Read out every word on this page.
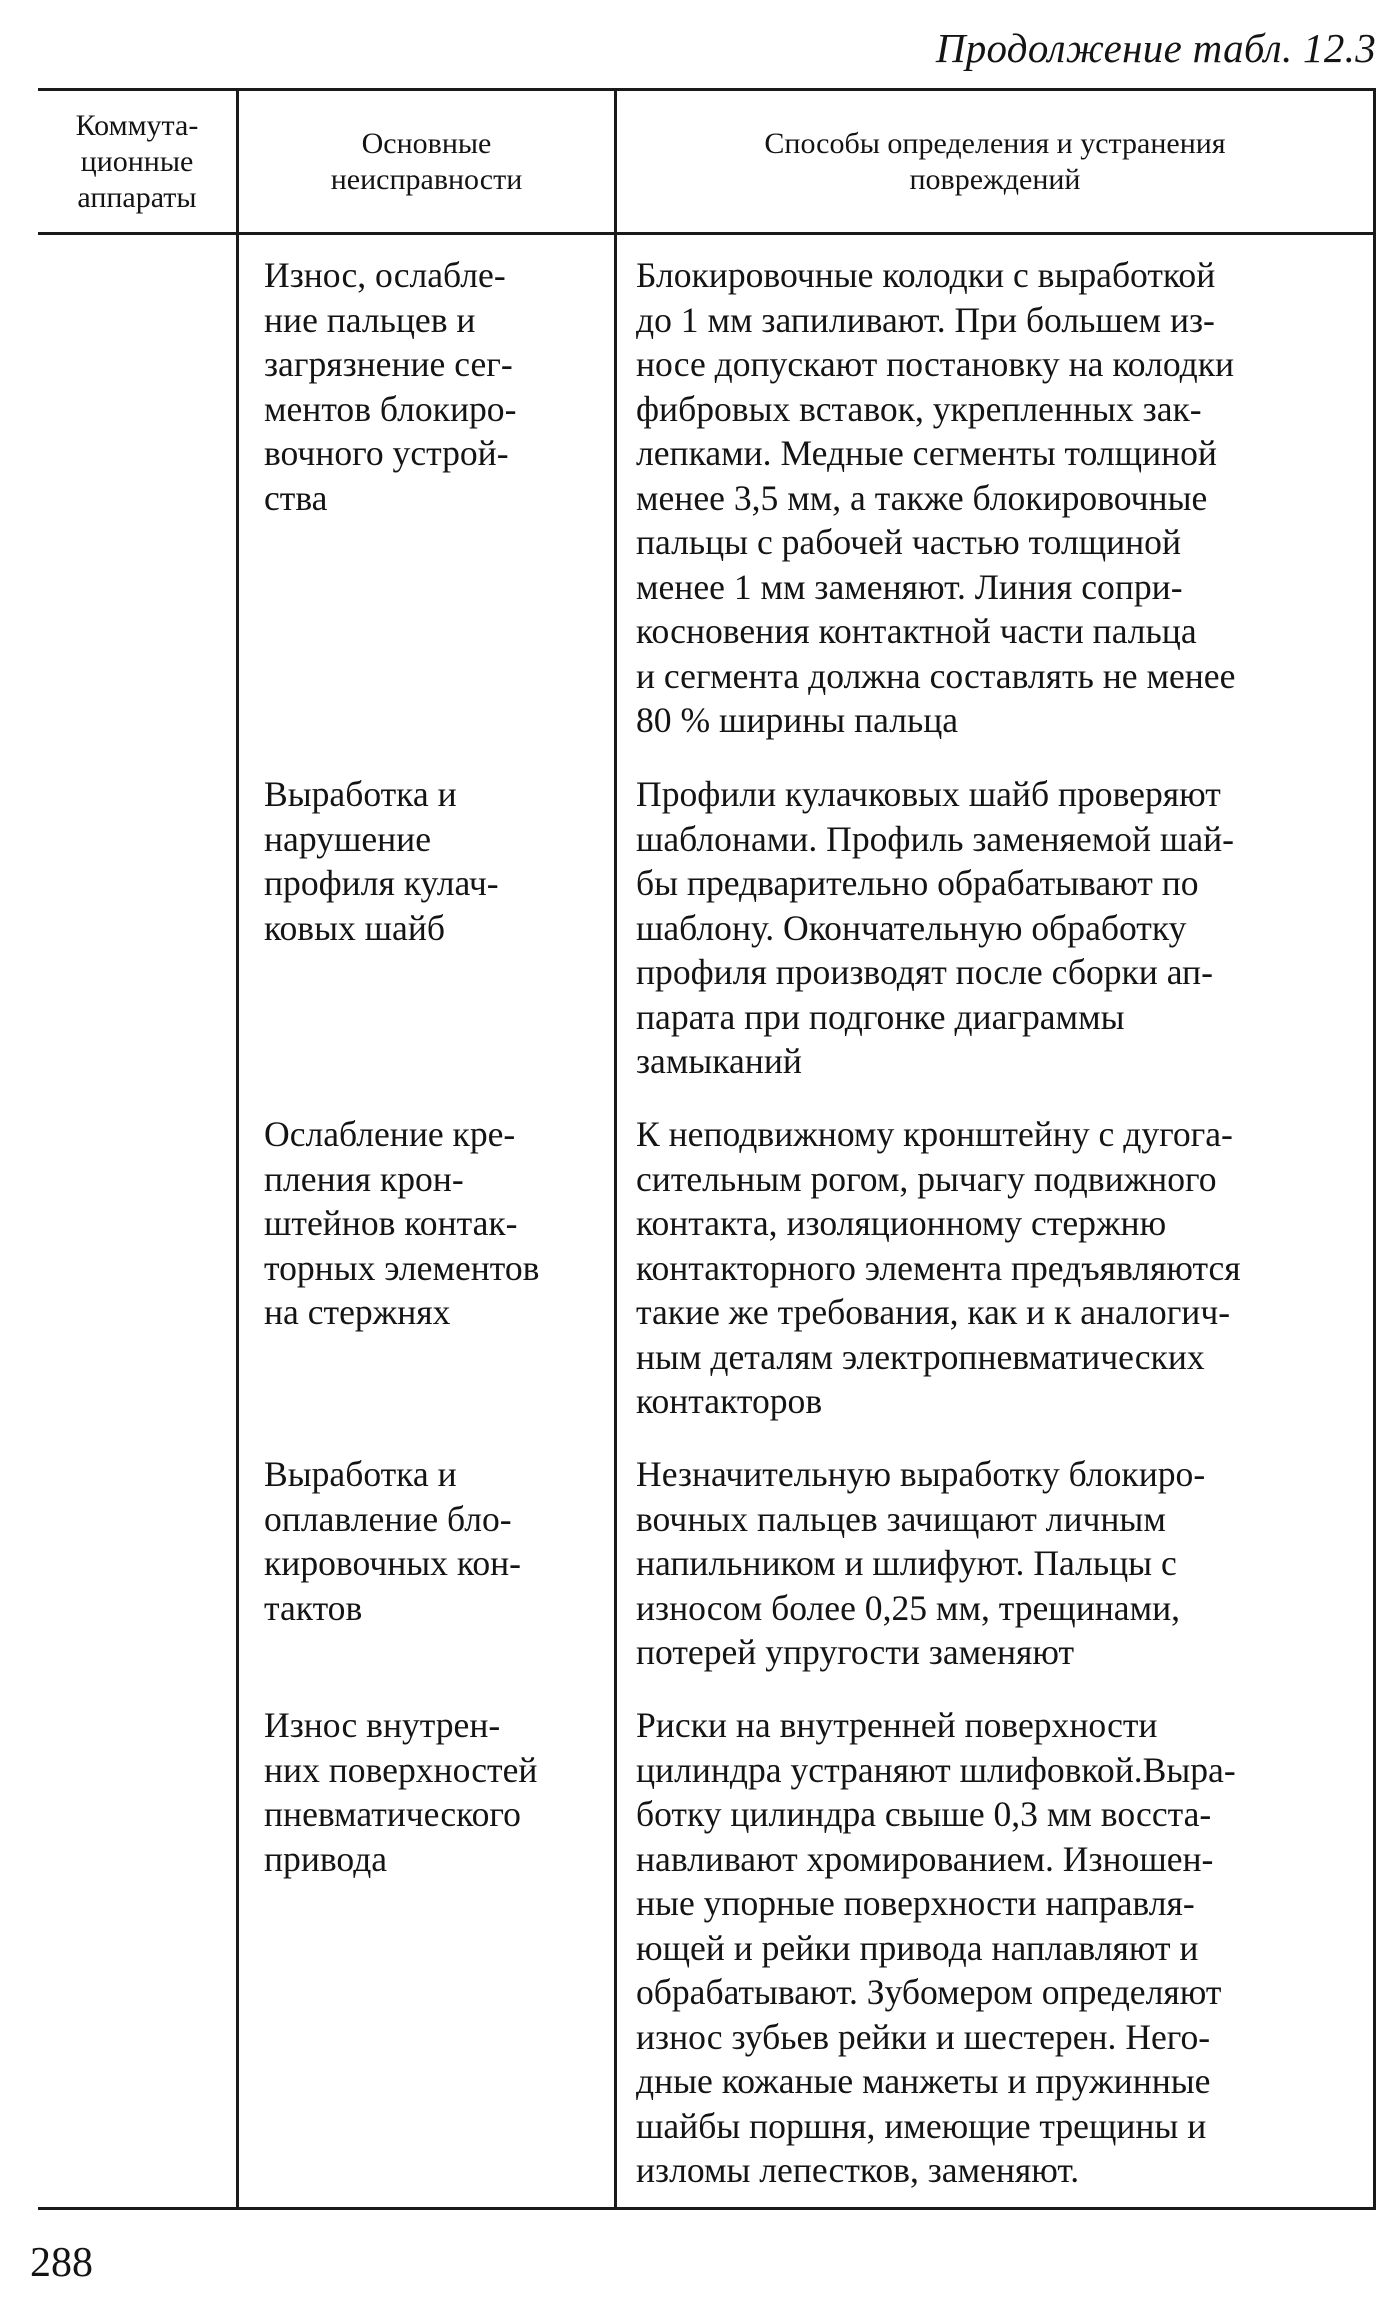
Продолжение табл. 12.3
Коммута-
ционные
аппараты
Основные
неисправности
Способы определения и устранения
повреждений
Износ, ослабле-
ние пальцев и
загрязнение сег-
ментов блокиро-
вочного устрой-
ства
Блокировочные колодки с выработкой
до 1 мм запиливают. При большем из-
носе допускают постановку на колодки
фибровых вставок, укрепленных зак-
лепками. Медные сегменты толщиной
менее 3,5 мм, а также блокировочные
пальцы с рабочей частью толщиной
менее 1 мм заменяют. Линия сопри-
косновения контактной части пальца
и сегмента должна составлять не менее
80 % ширины пальца
Выработка и
нарушение
профиля кулач-
ковых шайб
Профили кулачковых шайб проверяют
шаблонами. Профиль заменяемой шай-
бы предварительно обрабатывают по
шаблону. Окончательную обработку
профиля производят после сборки ап-
парата при подгонке диаграммы
замыканий
Ослабление кре-
пления крон-
штейнов контак-
торных элементов
на стержнях
К неподвижному кронштейну с дугога-
сительным рогом, рычагу подвижного
контакта, изоляционному стержню
контакторного элемента предъявляются
такие же требования, как и к аналогич-
ным деталям электропневматических
контакторов
Выработка и
оплавление бло-
кировочных кон-
тактов
Незначительную выработку блокиро-
вочных пальцев зачищают личным
напильником и шлифуют. Пальцы с
износом более 0,25 мм, трещинами,
потерей упругости заменяют
Износ внутрен-
них поверхностей
пневматического
привода
Риски на внутренней поверхности
цилиндра устраняют шлифовкой.Выра-
ботку цилиндра свыше 0,3 мм восста-
навливают хромированием. Изношен-
ные упорные поверхности направля-
ющей и рейки привода наплавляют и
обрабатывают. Зубомером определяют
износ зубьев рейки и шестерен. Него-
дные кожаные манжеты и пружинные
шайбы поршня, имеющие трещины и
изломы лепестков, заменяют.
288
